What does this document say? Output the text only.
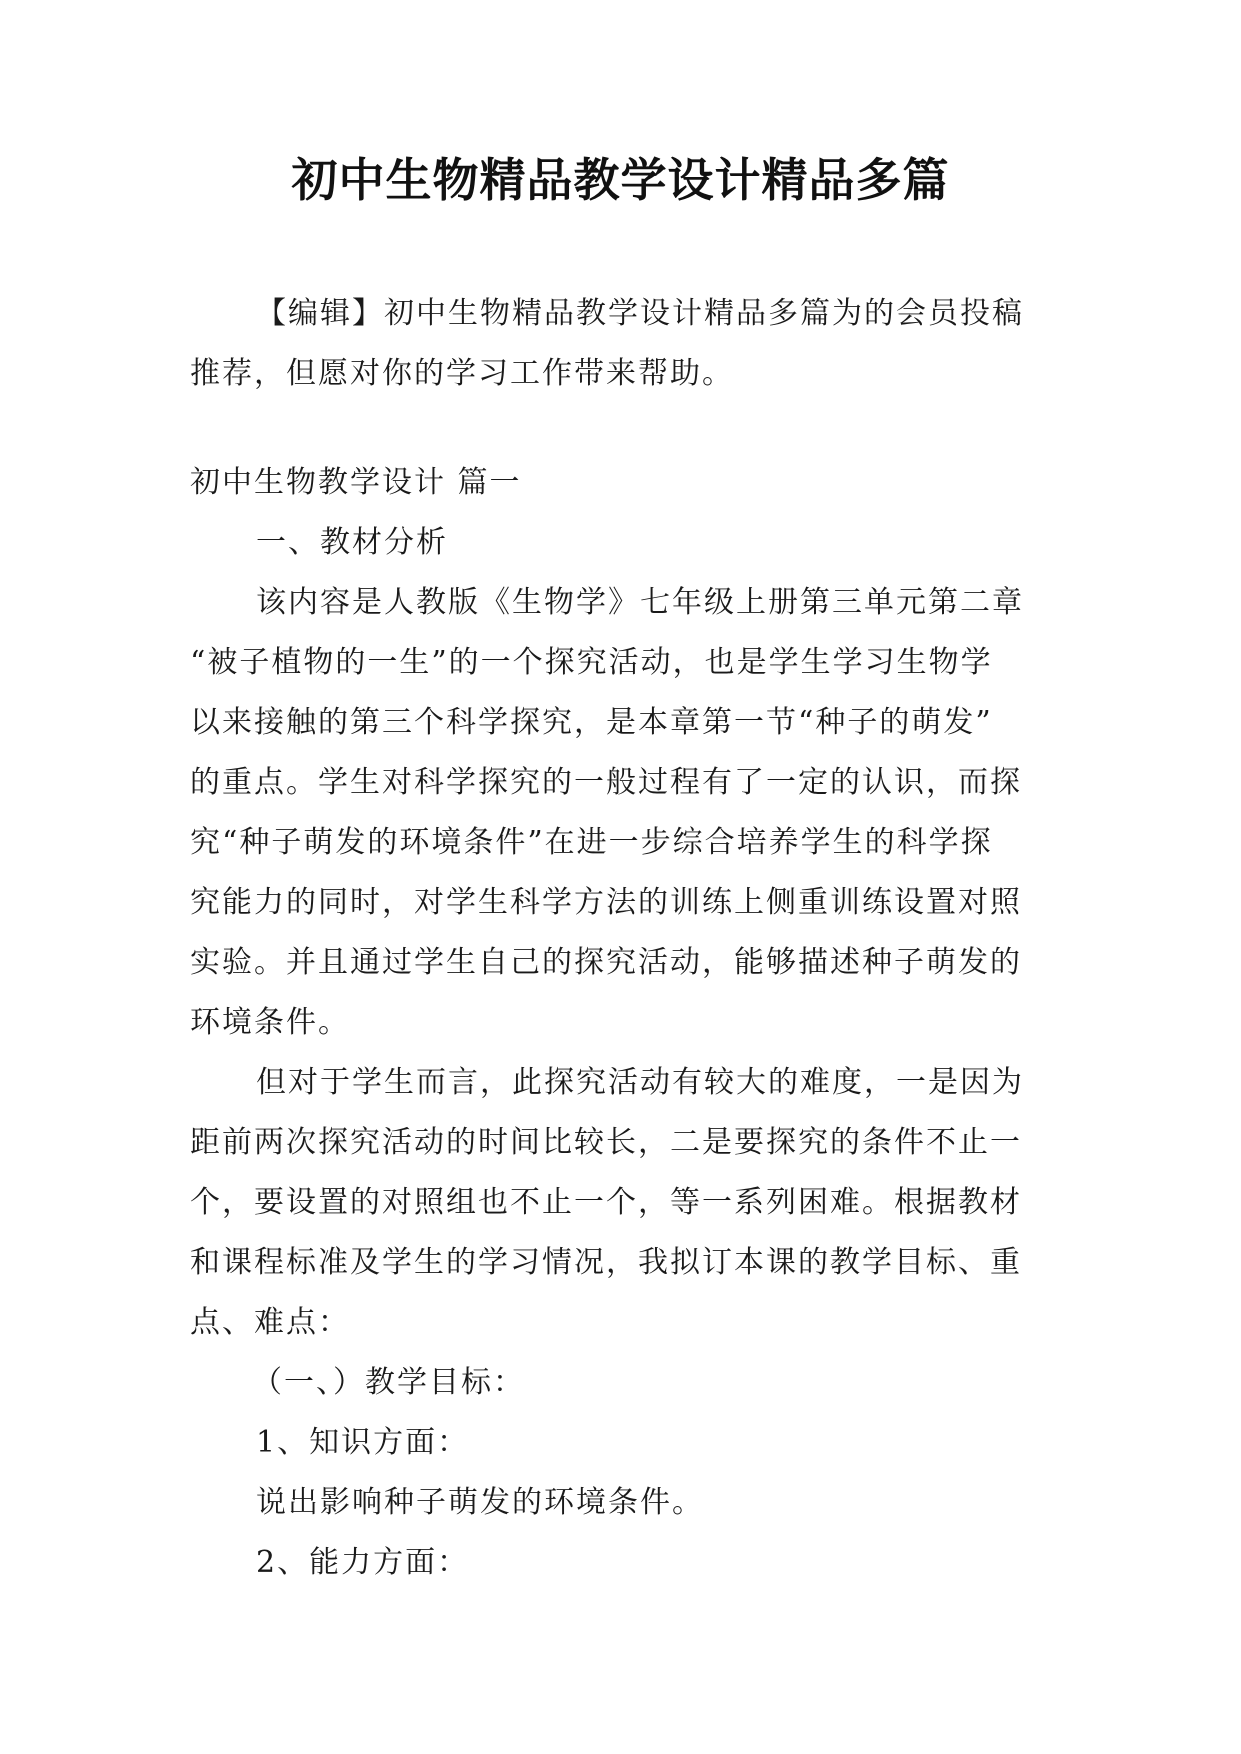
初中生物精品教学设计精品多篇
【编辑】初中生物精品教学设计精品多篇为的会员投稿
推荐，但愿对你的学习工作带来帮助。
初中生物教学设计 篇一
一、教材分析
该内容是人教版《生物学》七年级上册第三单元第二章
“被子植物的一生”的一个探究活动，也是学生学习生物学
以来接触的第三个科学探究，是本章第一节“种子的萌发”
的重点。学生对科学探究的一般过程有了一定的认识，而探
究“种子萌发的环境条件”在进一步综合培养学生的科学探
究能力的同时，对学生科学方法的训练上侧重训练设置对照
实验。并且通过学生自己的探究活动，能够描述种子萌发的
环境条件。
但对于学生而言，此探究活动有较大的难度，一是因为
距前两次探究活动的时间比较长，二是要探究的条件不止一
个，要设置的对照组也不止一个，等一系列困难。根据教材
和课程标准及学生的学习情况，我拟订本课的教学目标、重
点、难点：
（一、）教学目标：
1、知识方面：
说出影响种子萌发的环境条件。
2、能力方面：
